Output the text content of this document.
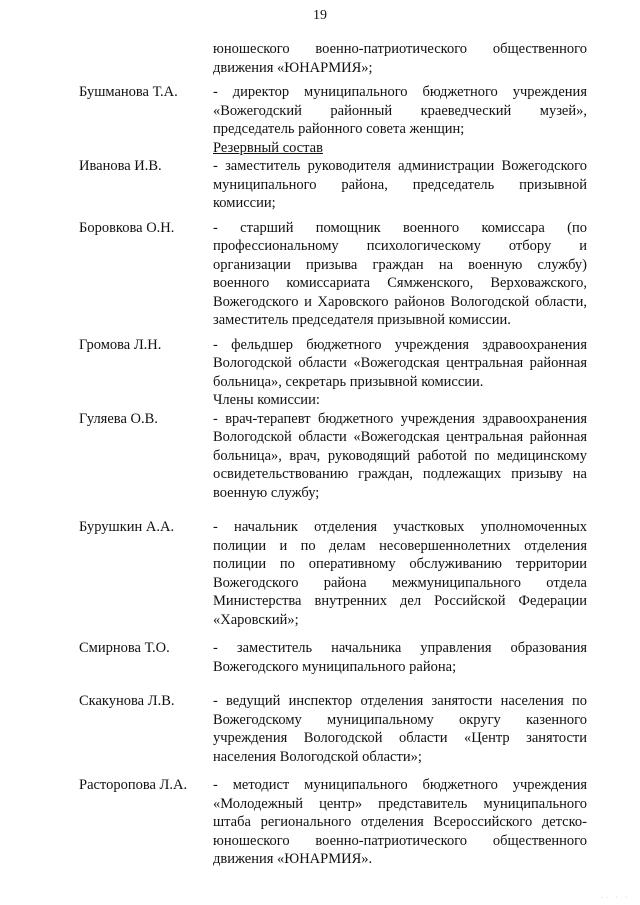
19
юношеского военно-патриотического общественного движения «ЮНАРМИЯ»;
Бушманова Т.А. - директор муниципального бюджетного учреждения «Вожегодский районный краеведческий музей», председатель районного совета женщин;
Резервный состав
Иванова И.В.	- заместитель руководителя администрации Вожегодского муниципального района, председатель призывной комиссии;
Боровкова О.Н.	- старший помощник военного комиссара (по профессиональному психологическому отбору и организации призыва граждан на военную службу) военного комиссариата Сямженского, Верховажского, Вожегодского и Харовского районов Вологодской области, заместитель председателя призывной комиссии.
Громова Л.Н.	- фельдшер бюджетного учреждения здравоохранения Вологодской области «Вожегодская центральная районная больница», секретарь призывной комиссии.
Члены комиссии:
Гуляева О.В.	- врач-терапевт бюджетного учреждения здравоохранения Вологодской области «Вожегодская центральная районная больница», врач, руководящий работой по медицинскому освидетельствованию граждан, подлежащих призыву на военную службу;
Бурушкин А.А.	- начальник отделения участковых уполномоченных полиции и по делам несовершеннолетних отделения полиции по оперативному обслуживанию территории Вожегодского района межмуниципального отдела Министерства внутренних дел Российской Федерации «Харовский»;
Смирнова Т.О.	- заместитель начальника управления образования Вожегодского муниципального района;
Скакунова Л.В.	- ведущий инспектор отделения занятости населения по Вожегодскому муниципальному округу казенного учреждения Вологодской области «Центр занятости населения Вологодской области»;
Расторопова Л.А. - методист муниципального бюджетного учреждения «Молодежный центр» представитель муниципального штаба регионального отделения Всероссийского детско-юношеского военно-патриотического общественного движения «ЮНАРМИЯ».
·· · ·
